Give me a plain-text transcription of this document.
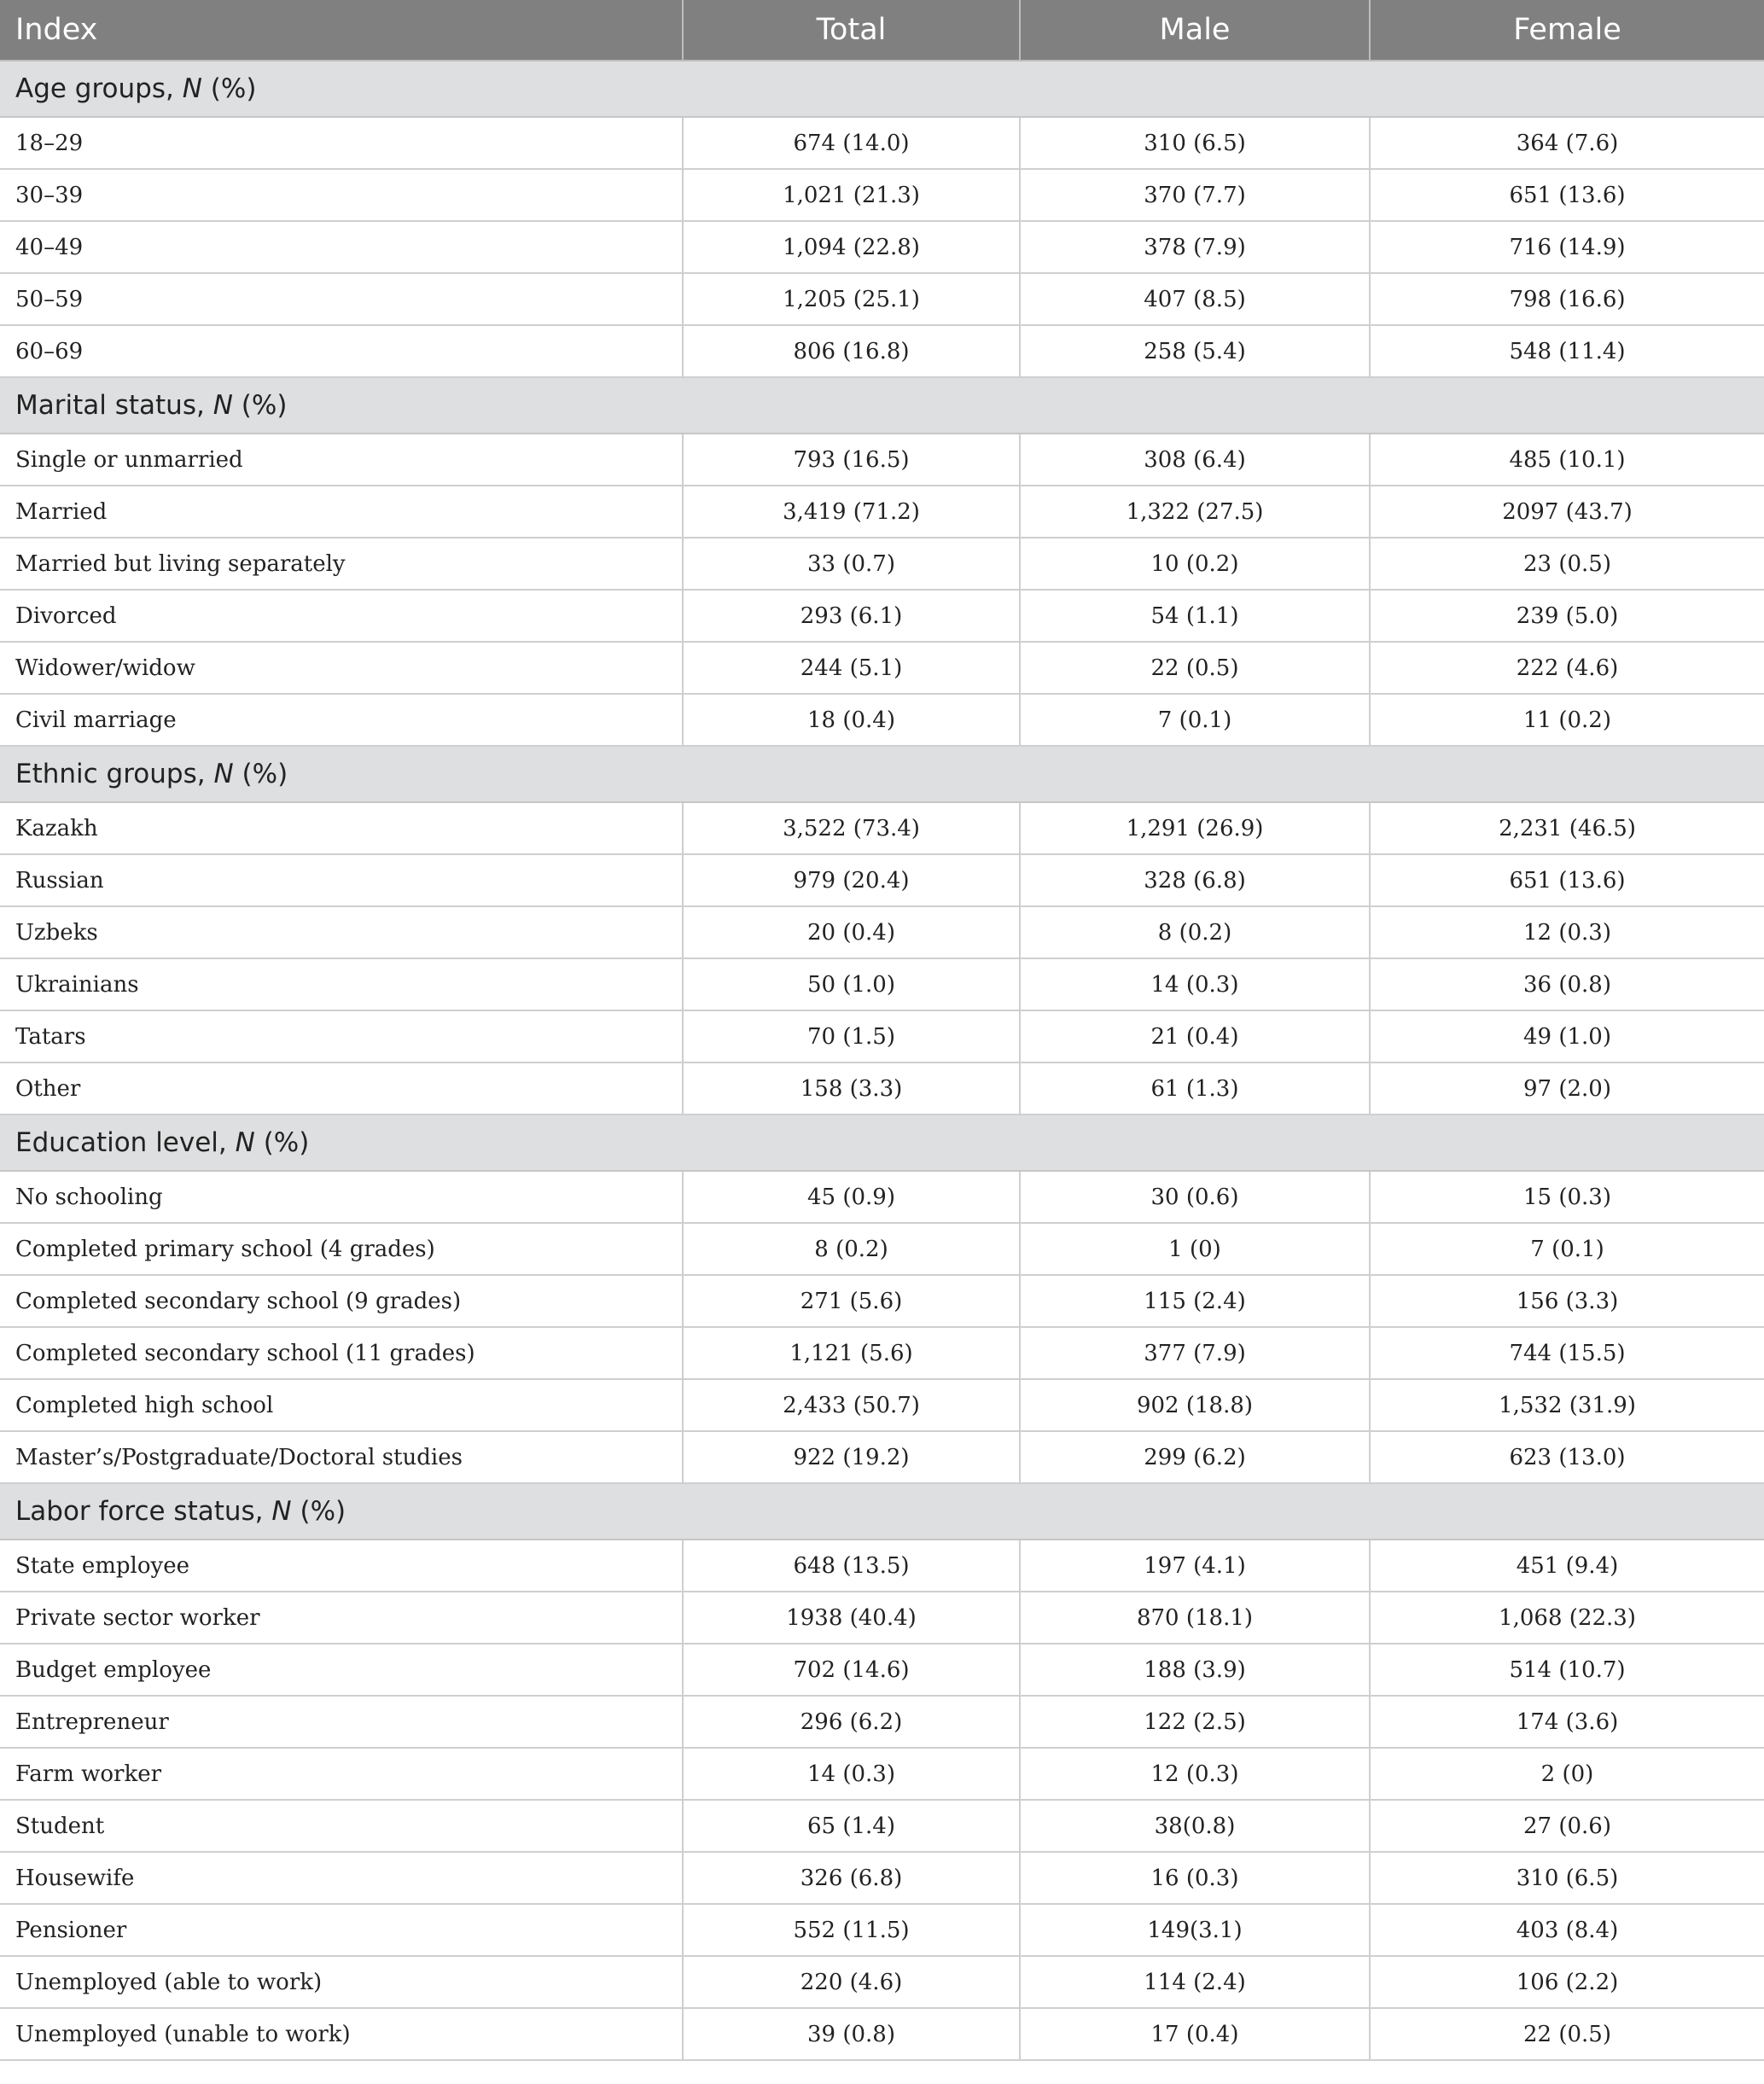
Index	Total	Male	Female
Age groups, N (%)			
18–29	674 (14.0)	310 (6.5)	364 (7.6)
30–39	1,021 (21.3)	370 (7.7)	651 (13.6)
40–49	1,094 (22.8)	378 (7.9)	716 (14.9)
50–59	1,205 (25.1)	407 (8.5)	798 (16.6)
60–69	806 (16.8)	258 (5.4)	548 (11.4)
Marital status, N (%)			
Single or unmarried	793 (16.5)	308 (6.4)	485 (10.1)
Married	3,419 (71.2)	1,322 (27.5)	2097 (43.7)
Married but living separately	33 (0.7)	10 (0.2)	23 (0.5)
Divorced	293 (6.1)	54 (1.1)	239 (5.0)
Widower/widow	244 (5.1)	22 (0.5)	222 (4.6)
Civil marriage	18 (0.4)	7 (0.1)	11 (0.2)
Ethnic groups, N (%)			
Kazakh	3,522 (73.4)	1,291 (26.9)	2,231 (46.5)
Russian	979 (20.4)	328 (6.8)	651 (13.6)
Uzbeks	20 (0.4)	8 (0.2)	12 (0.3)
Ukrainians	50 (1.0)	14 (0.3)	36 (0.8)
Tatars	70 (1.5)	21 (0.4)	49 (1.0)
Other	158 (3.3)	61 (1.3)	97 (2.0)
Education level, N (%)			
No schooling	45 (0.9)	30 (0.6)	15 (0.3)
Completed primary school (4 grades)	8 (0.2)	1 (0)	7 (0.1)
Completed secondary school (9 grades)	271 (5.6)	115 (2.4)	156 (3.3)
Completed secondary school (11 grades)	1,121 (5.6)	377 (7.9)	744 (15.5)
Completed high school	2,433 (50.7)	902 (18.8)	1,532 (31.9)
Master’s/Postgraduate/Doctoral studies	922 (19.2)	299 (6.2)	623 (13.0)
Labor force status, N (%)			
State employee	648 (13.5)	197 (4.1)	451 (9.4)
Private sector worker	1938 (40.4)	870 (18.1)	1,068 (22.3)
Budget employee	702 (14.6)	188 (3.9)	514 (10.7)
Entrepreneur	296 (6.2)	122 (2.5)	174 (3.6)
Farm worker	14 (0.3)	12 (0.3)	2 (0)
Student	65 (1.4)	38(0.8)	27 (0.6)
Housewife	326 (6.8)	16 (0.3)	310 (6.5)
Pensioner	552 (11.5)	149(3.1)	403 (8.4)
Unemployed (able to work)	220 (4.6)	114 (2.4)	106 (2.2)
Unemployed (unable to work)	39 (0.8)	17 (0.4)	22 (0.5)
